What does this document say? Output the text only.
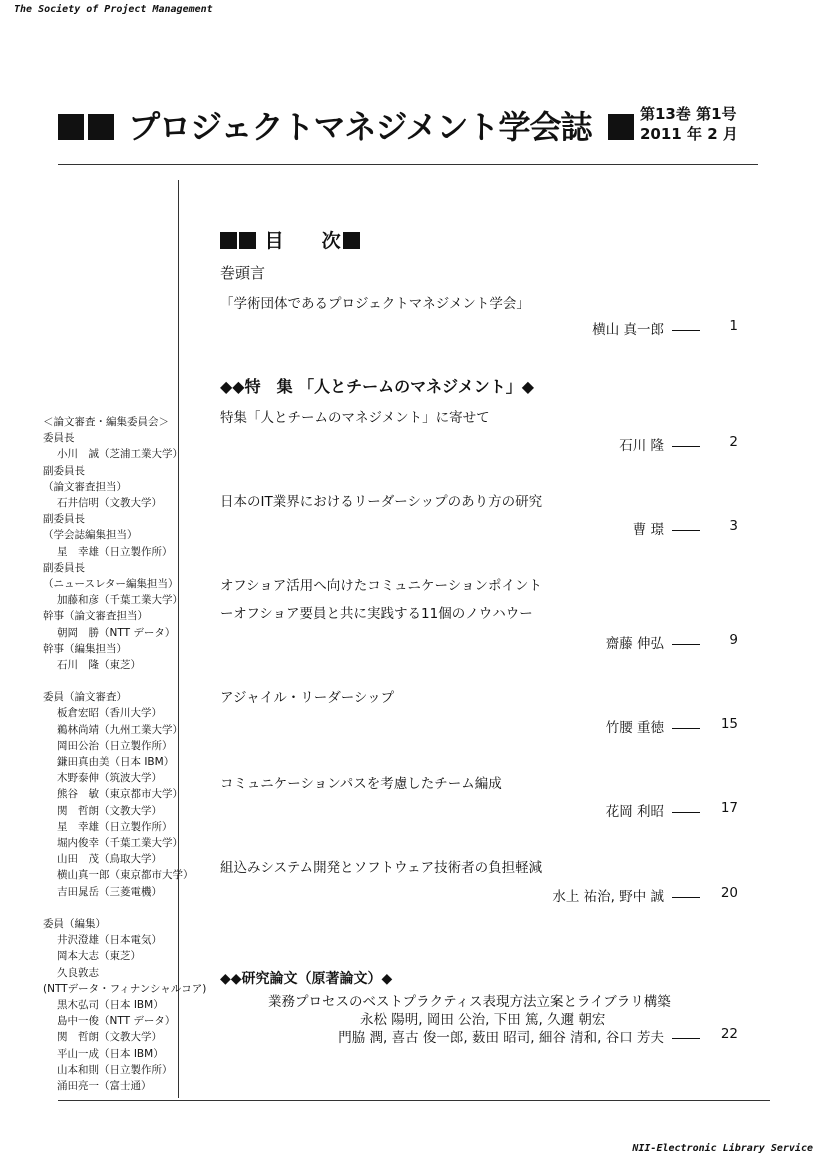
The Society of Project Management
プロジェクトマネジメント学会誌	第13巻 第1号
2011 年 2 月
＜論文審査・編集委員会＞
委員長
小川　誠（芝浦工業大学）
副委員長
（論文審査担当）
石井信明（文教大学）
副委員長
（学会誌編集担当）
星　幸雄（日立製作所）
副委員長
（ニュースレター編集担当）
加藤和彦（千葉工業大学）
幹事（論文審査担当）
朝岡　勝（NTT データ）
幹事（編集担当）
石川　隆（東芝）
委員（論文審査）
板倉宏昭（香川大学）
鵜林尚靖（九州工業大学）
岡田公治（日立製作所）
鎌田真由美（日本 IBM）
木野泰伸（筑波大学）
熊谷　敏（東京都市大学）
関　哲朗（文教大学）
星　幸雄（日立製作所）
堀内俊幸（千葉工業大学）
山田　茂（鳥取大学）
横山真一郎（東京都市大学）
吉田晁岳（三菱電機）
委員（編集）
井沢澄雄（日本電気）
岡本大志（東芝）
久良敦志
(NTTデータ・フィナンシャルコア)
黒木弘司（日本 IBM）
島中一俊（NTT データ）
関　哲朗（文教大学）
平山一成（日本 IBM）
山本和則（日立製作所）
涌田亮一（富士通）
目　　次
巻頭言
「学術団体であるプロジェクトマネジメント学会」
横山 真一郎	1
◆◆特　集 「人とチームのマネジメント」◆
特集「人とチームのマネジメント」に寄せて
石川 隆	2
日本のIT業界におけるリーダーシップのあり方の研究
曹 璟	3
オフショア活用へ向けたコミュニケーションポイント
ーオフショア要員と共に実践する11個のノウハウー
齋藤 伸弘	9
アジャイル・リーダーシップ
竹腰 重徳	15
コミュニケーションパスを考慮したチーム編成
花岡 利昭	17
組込みシステム開発とソフトウェア技術者の負担軽減
水上 祐治, 野中 誠	20
◆◆研究論文（原著論文）◆
業務プロセスのベストプラクティス表現方法立案とライブラリ構築
永松 陽明, 岡田 公治, 下田 篤, 久邇 朝宏
門脇 潤, 喜古 俊一郎, 薮田 昭司, 細谷 清和, 谷口 芳夫	22
NII-Electronic Library Service
